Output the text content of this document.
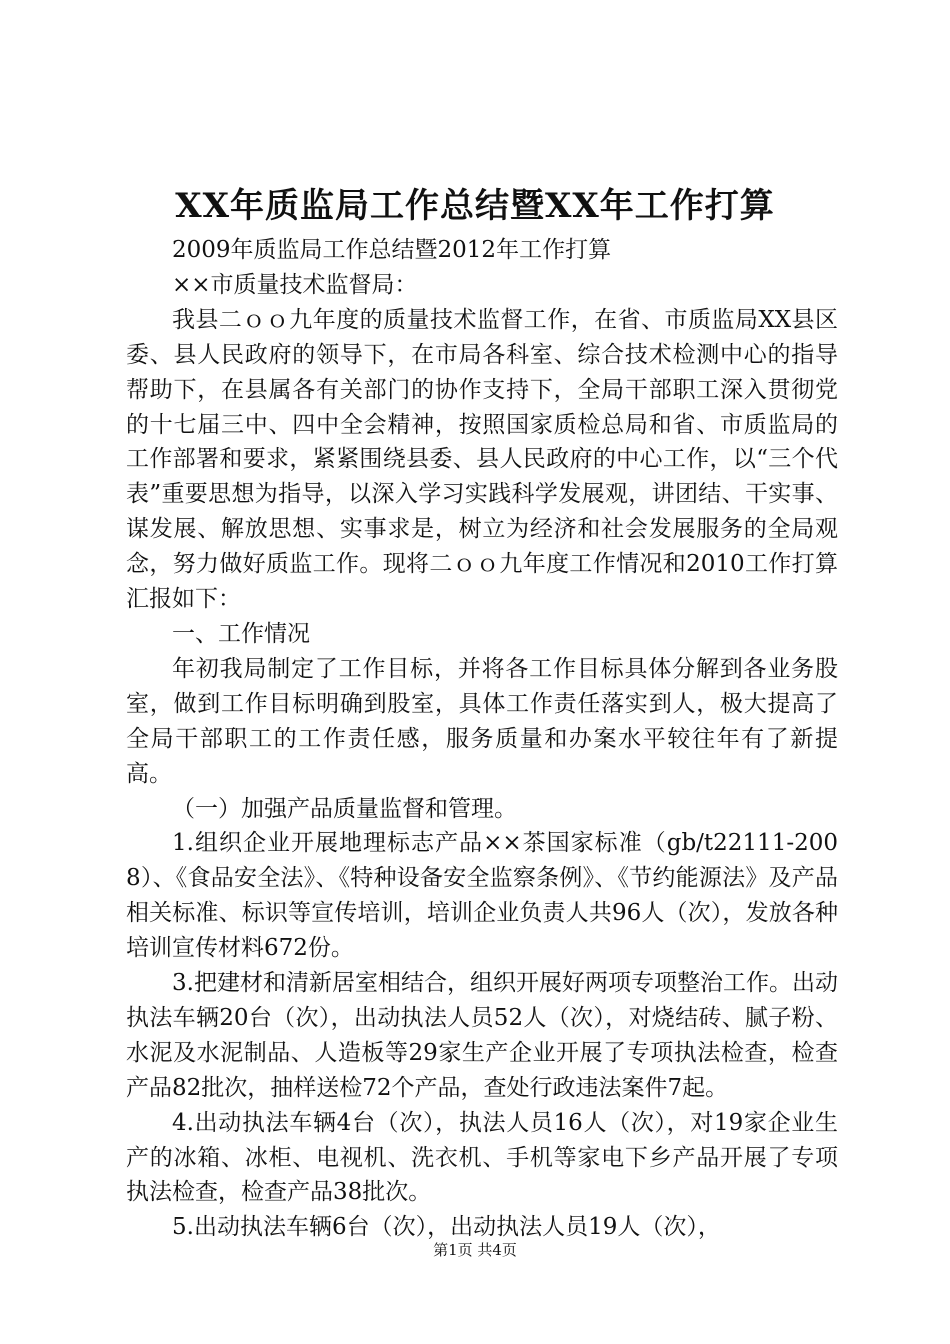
XX年质监局工作总结暨XX年工作打算

2009年质监局工作总结暨2012年工作打算

××市质量技术监督局：

我县二ｏｏ九年度的质量技术监督工作，在省、市质监局XX县区委、县人民政府的领导下，在市局各科室、综合技术检测中心的指导帮助下，在县属各有关部门的协作支持下，全局干部职工深入贯彻党的十七届三中、四中全会精神，按照国家质检总局和省、市质监局的工作部署和要求，紧紧围绕县委、县人民政府的中心工作，以“三个代表”重要思想为指导，以深入学习实践科学发展观，讲团结、干实事、谋发展、解放思想、实事求是，树立为经济和社会发展服务的全局观念，努力做好质监工作。现将二ｏｏ九年度工作情况和2010工作打算汇报如下：

一、工作情况

年初我局制定了工作目标，并将各工作目标具体分解到各业务股室，做到工作目标明确到股室，具体工作责任落实到人，极大提高了全局干部职工的工作责任感，服务质量和办案水平较往年有了新提高。

（一）加强产品质量监督和管理。

1.组织企业开展地理标志产品××茶国家标准（gb/t22111-2008）、《食品安全法》、《特种设备安全监察条例》、《节约能源法》及产品相关标准、标识等宣传培训，培训企业负责人共96人（次），发放各种培训宣传材料672份。

3.把建材和清新居室相结合，组织开展好两项专项整治工作。出动执法车辆20台（次），出动执法人员52人（次），对烧结砖、腻子粉、水泥及水泥制品、人造板等29家生产企业开展了专项执法检查，检查产品82批次，抽样送检72个产品，查处行政违法案件7起。

4.出动执法车辆4台（次），执法人员16人（次），对19家企业生产的冰箱、冰柜、电视机、洗衣机、手机等家电下乡产品开展了专项执法检查，检查产品38批次。

5.出动执法车辆6台（次），出动执法人员19人（次），

第1页 共4页
